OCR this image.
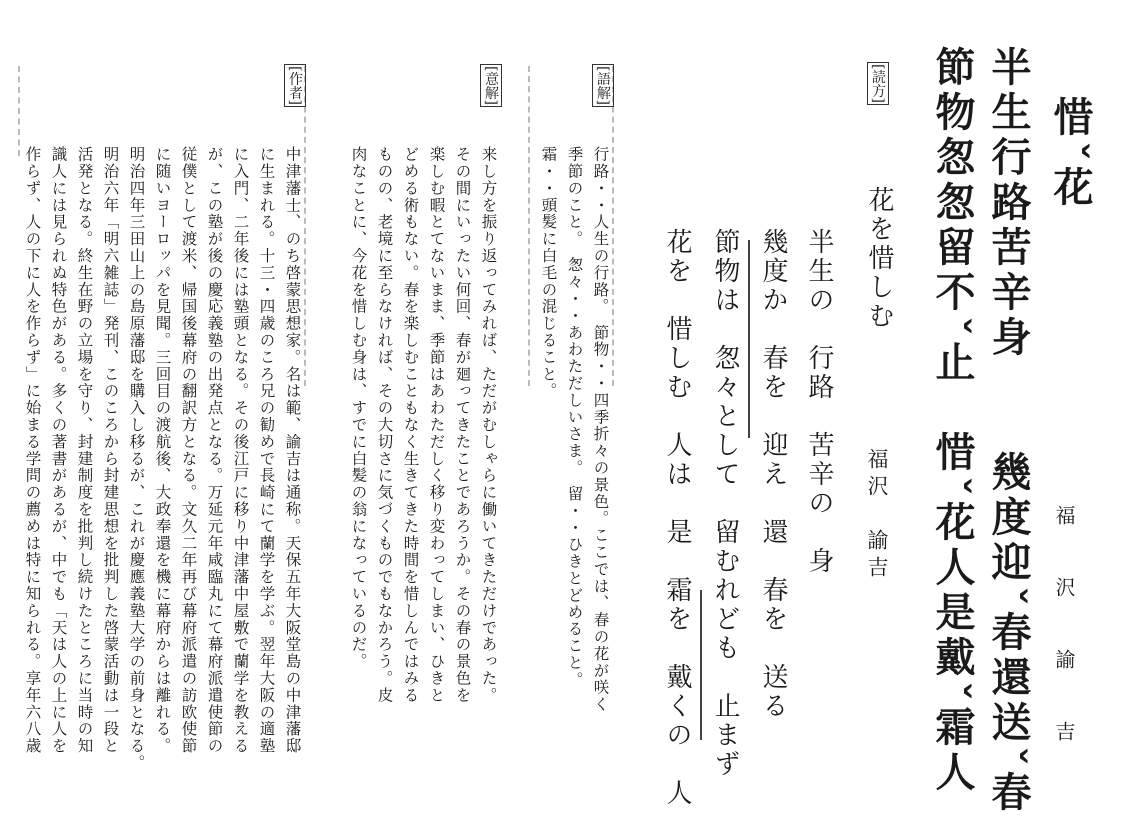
惜ˇ花
福　沢　諭　吉
半生行路苦辛身　　幾度迎ˇ春還送ˇ春
節物怱怱留不ˇ止　惜ˇ花人是戴ˇ霜人
[読方]
花を惜しむ
福沢　諭吉
半生の　行路　苦辛の　身
幾度か　春を　迎え　還　春を　送る
節物は　怱々として　留むれども　止まず
花を　惜しむ　人は　是　霜を　戴くの　人
[語解]
行路・・人生の行路。　節物・・四季折々の景色。ここでは、春の花が咲く
季節のこと。　怱々・・あわただしいさま。　留・・ひきとどめること。
霜・・頭髪に白毛の混じること。
[意解]
来し方を振り返ってみれば、ただがむしゃらに働いてきただけであった。
その間にいったい何回、春が廻ってきたことであろうか。その春の景色を
楽しむ暇とてないまま、季節はあわただしく移り変わってしまい、ひきと
どめる術もない。春を楽しむこともなく生きてきた時間を惜しんではみる
ものの、老境に至らなければ、その大切さに気づくものでもなかろう。皮
肉なことに、今花を惜しむ身は、すでに白髪の翁になっているのだ。
[作者]
中津藩士、のち啓蒙思想家。名は範、諭吉は通称。天保五年大阪堂島の中津藩邸
に生まれる。十三・四歳のころ兄の勧めで長崎にて蘭学を学ぶ。翌年大阪の適塾
に入門、二年後には塾頭となる。その後江戸に移り中津藩中屋敷で蘭学を教える
が、この塾が後の慶応義塾の出発点となる。万延元年咸臨丸にて幕府派遣使節の
従僕として渡米、帰国後幕府の翻訳方となる。文久二年再び幕府派遣の訪欧使節
に随いヨーロッパを見聞。三回目の渡航後、大政奉還を機に幕府からは離れる。
明治四年三田山上の島原藩邸を購入し移るが、これが慶應義塾大学の前身となる。
明治六年「明六雑誌」発刊、このころから封建思想を批判した啓蒙活動は一段と
活発となる。終生在野の立場を守り、封建制度を批判し続けたところに当時の知
識人には見られぬ特色がある。多くの著書があるが、中でも「天は人の上に人を
作らず、人の下に人を作らず」に始まる学問の薦めは特に知られる。享年六八歳
